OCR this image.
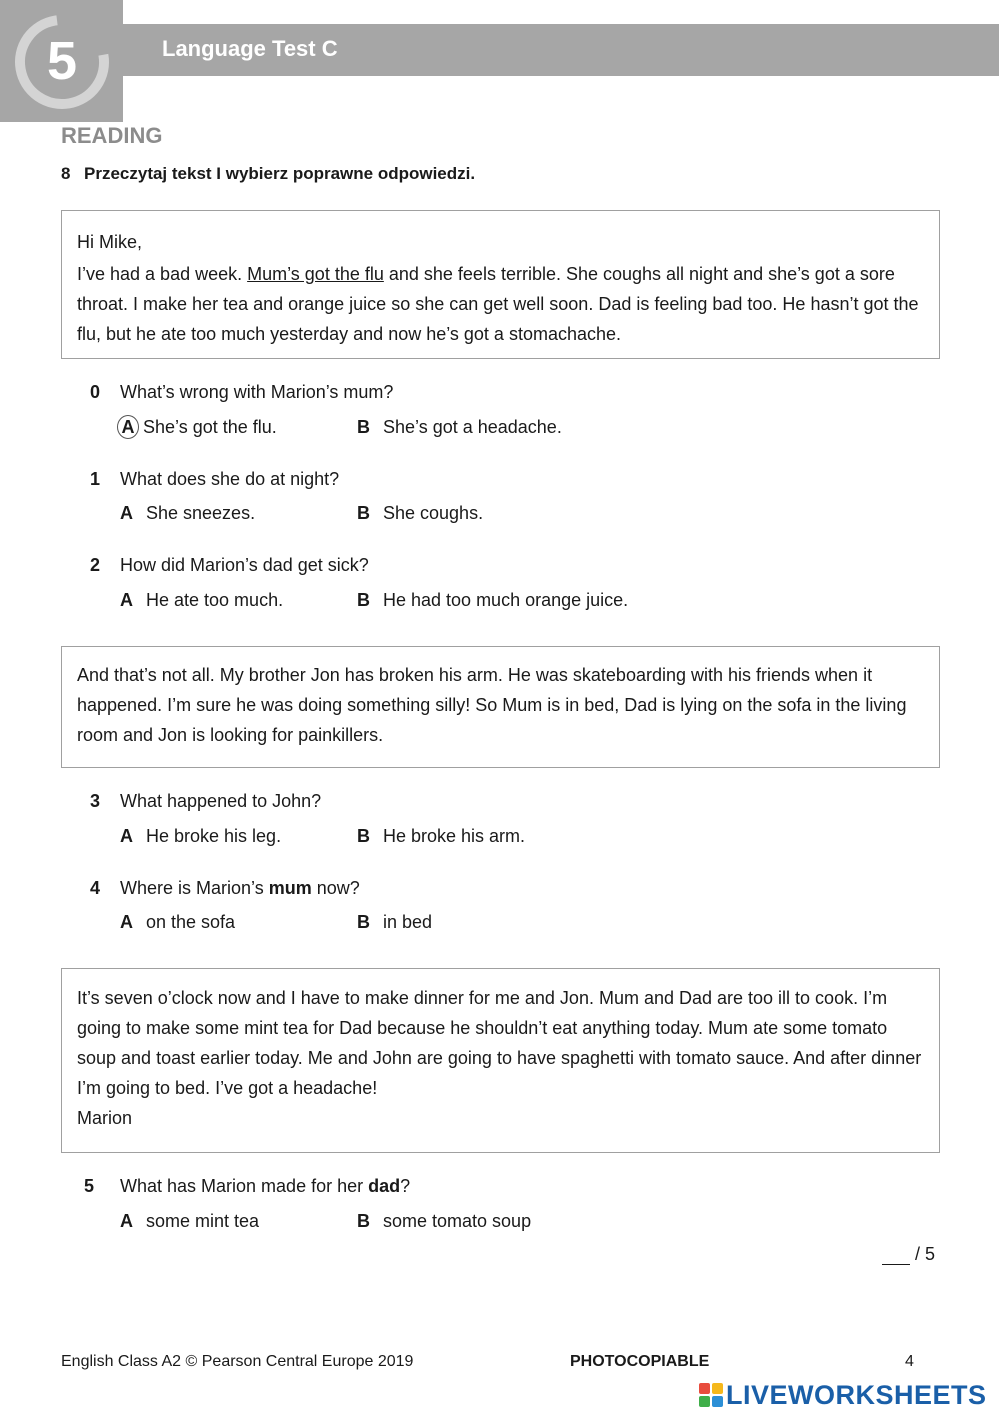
5	Language Test C
READING
8 Przeczytaj tekst I wybierz poprawne odpowiedzi.

Hi Mike,

I’ve had a bad week. Mum’s got the flu and she feels terrible. She coughs all night and she’s got a sore throat. I make her tea and orange juice so she can get well soon. Dad is feeling bad too. He hasn’t got the flu, but he ate too much yesterday and now he’s got a stomachache.

0 What’s wrong with Marion’s mum?
A She’s got the flu.	B She’s got a headache.
1 What does she do at night?
A She sneezes.	B She coughs.
2 How did Marion’s dad get sick?
A He ate too much.	B He had too much orange juice.

And that’s not all. My brother Jon has broken his arm. He was skateboarding with his friends when it happened. I’m sure he was doing something silly! So Mum is in bed, Dad is lying on the sofa in the living room and Jon is looking for painkillers.

3 What happened to John?
A He broke his leg.	B He broke his arm.
4 Where is Marion’s mum now?
A on the sofa	B in bed

It’s seven o’clock now and I have to make dinner for me and Jon. Mum and Dad are too ill to cook. I’m going to make some mint tea for Dad because he shouldn’t eat anything today. Mum ate some tomato soup and toast earlier today. Me and John are going to have spaghetti with tomato sauce. And after dinner I’m going to bed. I’ve got a headache!

Marion

5 What has Marion made for her dad?
A some mint tea	B some tomato soup
/ 5
English Class A2 © Pearson Central Europe 2019	PHOTOCOPIABLE	4
LIVEWORKSHEETS
